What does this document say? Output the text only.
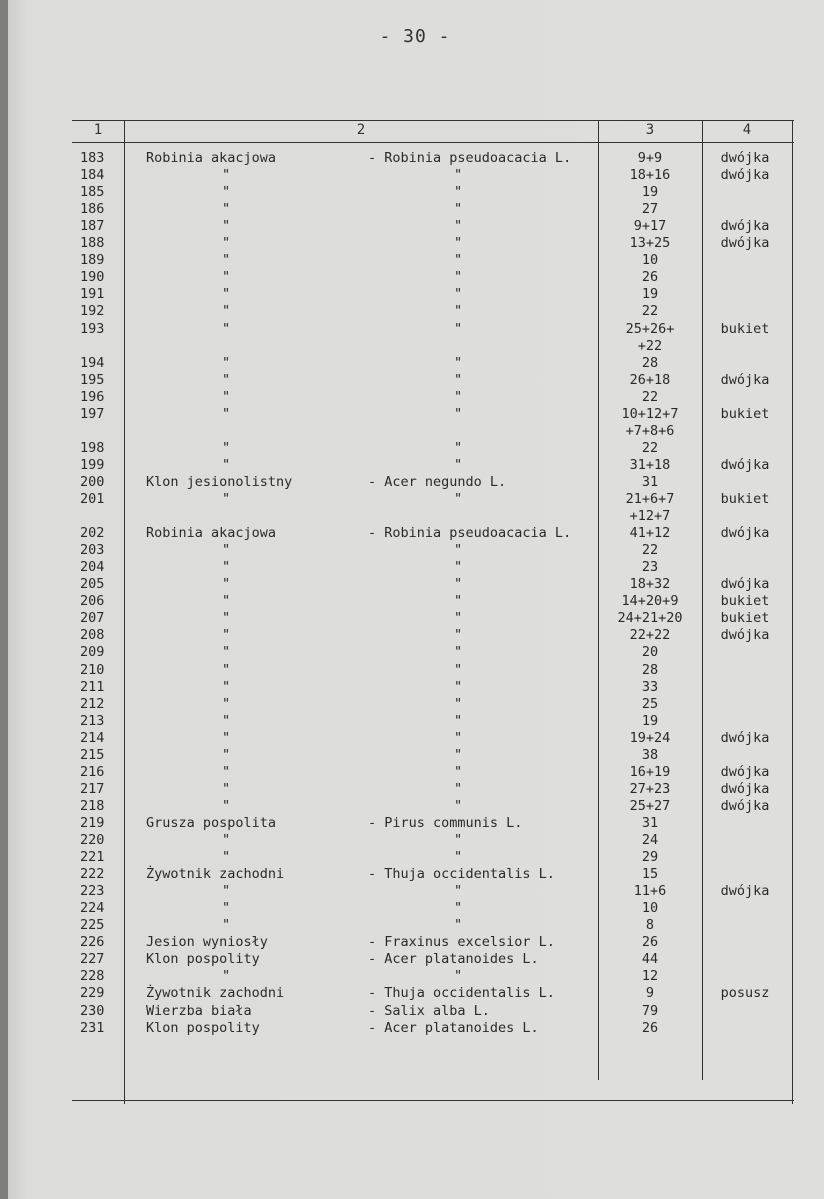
- 30 -
1	2	3	4
183	Robinia akacjowa	- Robinia pseudoacacia L.	9+9	dwójka
184	"	"	18+16	dwójka
185	"	"	19
186	"	"	27
187	"	"	9+17	dwójka
188	"	"	13+25	dwójka
189	"	"	10
190	"	"	26
191	"	"	19
192	"	"	22
193	"	"	25+26+	bukiet
+22
194	"	"	28
195	"	"	26+18	dwójka
196	"	"	22
197	"	"	10+12+7	bukiet
+7+8+6
198	"	"	22
199	"	"	31+18	dwójka
200	Klon jesionolistny	- Acer negundo L.	31
201	"	"	21+6+7	bukiet
+12+7
202	Robinia akacjowa	- Robinia pseudoacacia L.	41+12	dwójka
203	"	"	22
204	"	"	23
205	"	"	18+32	dwójka
206	"	"	14+20+9	bukiet
207	"	"	24+21+20	bukiet
208	"	"	22+22	dwójka
209	"	"	20
210	"	"	28
211	"	"	33
212	"	"	25
213	"	"	19
214	"	"	19+24	dwójka
215	"	"	38
216	"	"	16+19	dwójka
217	"	"	27+23	dwójka
218	"	"	25+27	dwójka
219	Grusza pospolita	- Pirus communis L.	31
220	"	"	24
221	"	"	29
222	Żywotnik zachodni	- Thuja occidentalis L.	15
223	"	"	11+6	dwójka
224	"	"	10
225	"	"	8
226	Jesion wyniosły	- Fraxinus excelsior L.	26
227	Klon pospolity	- Acer platanoides L.	44
228	"	"	12
229	Żywotnik zachodni	- Thuja occidentalis L.	9	posusz
230	Wierzba biała	- Salix alba L.	79
231	Klon pospolity	- Acer platanoides L.	26
